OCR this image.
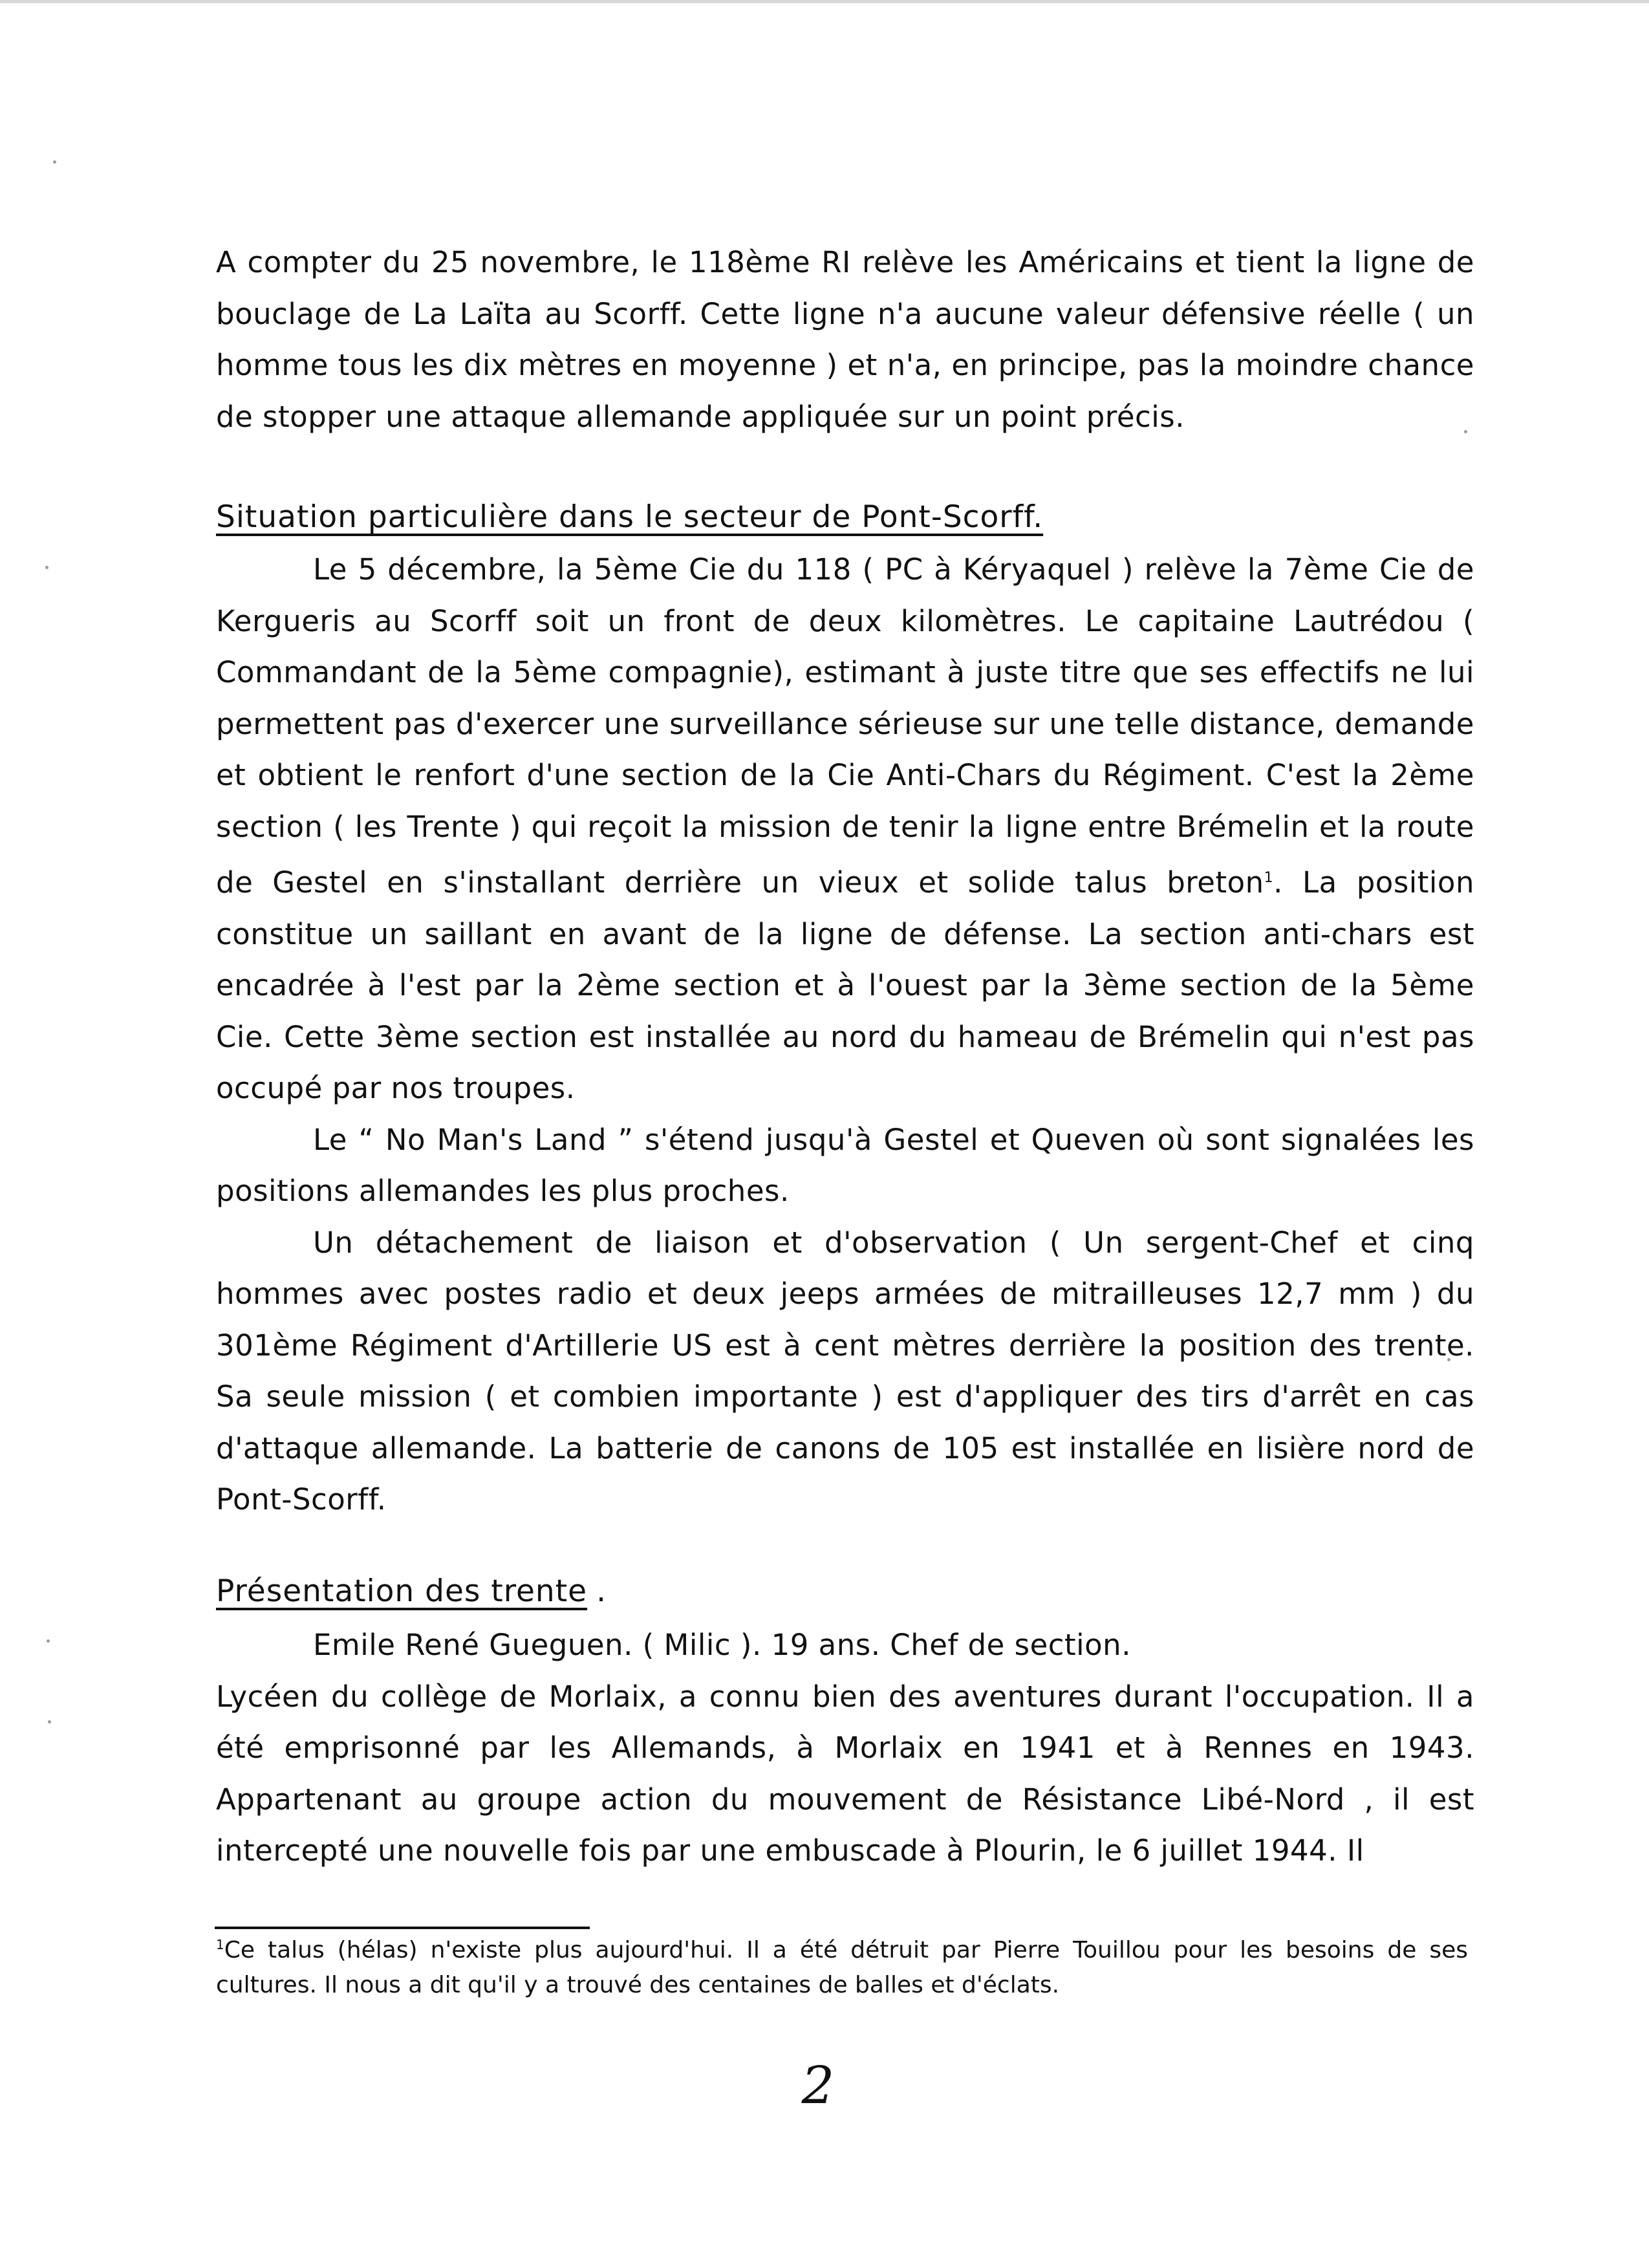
A compter du 25 novembre, le 118ème RI relève les Américains et tient la ligne de bouclage de La Laïta au Scorff. Cette ligne n'a aucune valeur défensive réelle ( un homme tous les dix mètres en moyenne ) et n'a, en principe, pas la moindre chance de stopper une attaque allemande appliquée sur un point précis.

Situation particulière dans le secteur de Pont-Scorff.

Le 5 décembre, la 5ème Cie du 118 ( PC à Kéryaquel ) relève la 7ème Cie de Kergueris au Scorff soit un front de deux kilomètres. Le capitaine Lautrédou ( Commandant de la 5ème compagnie), estimant à juste titre que ses effectifs ne lui permettent pas d'exercer une surveillance sérieuse sur une telle distance, demande et obtient le renfort d'une section de la Cie Anti-Chars du Régiment. C'est la 2ème section ( les Trente ) qui reçoit la mission de tenir la ligne entre Brémelin et la route de Gestel en s'installant derrière un vieux et solide talus breton$^1$. La position constitue un saillant en avant de la ligne de défense. La section anti-chars est encadrée à l'est par la 2ème section et à l'ouest par la 3ème section de la 5ème Cie. Cette 3ème section est installée au nord du hameau de Brémelin qui n'est pas occupé par nos troupes.

Le “ No Man's Land ” s'étend jusqu'à Gestel et Queven où sont signalées les positions allemandes les plus proches.

Un détachement de liaison et d'observation ( Un sergent-Chef et cinq hommes avec postes radio et deux jeeps armées de mitrailleuses 12,7 mm ) du 301ème Régiment d'Artillerie US est à cent mètres derrière la position des trente. Sa seule mission ( et combien importante ) est d'appliquer des tirs d'arrêt en cas d'attaque allemande. La batterie de canons de 105 est installée en lisière nord de Pont-Scorff.

Présentation des trente .

Emile René Gueguen. ( Milic ). 19 ans. Chef de section.

Lycéen du collège de Morlaix, a connu bien des aventures durant l'occupation. Il a été emprisonné par les Allemands, à Morlaix en 1941 et à Rennes en 1943. Appartenant au groupe action du mouvement de Résistance Libé-Nord , il est intercepté une nouvelle fois par une embuscade à Plourin, le 6 juillet 1944. Il

$^1$Ce talus (hélas) n'existe plus aujourd'hui. Il a été détruit par Pierre Touillou pour les besoins de ses cultures. Il nous a dit qu'il y a trouvé des centaines de balles et d'éclats.
2
